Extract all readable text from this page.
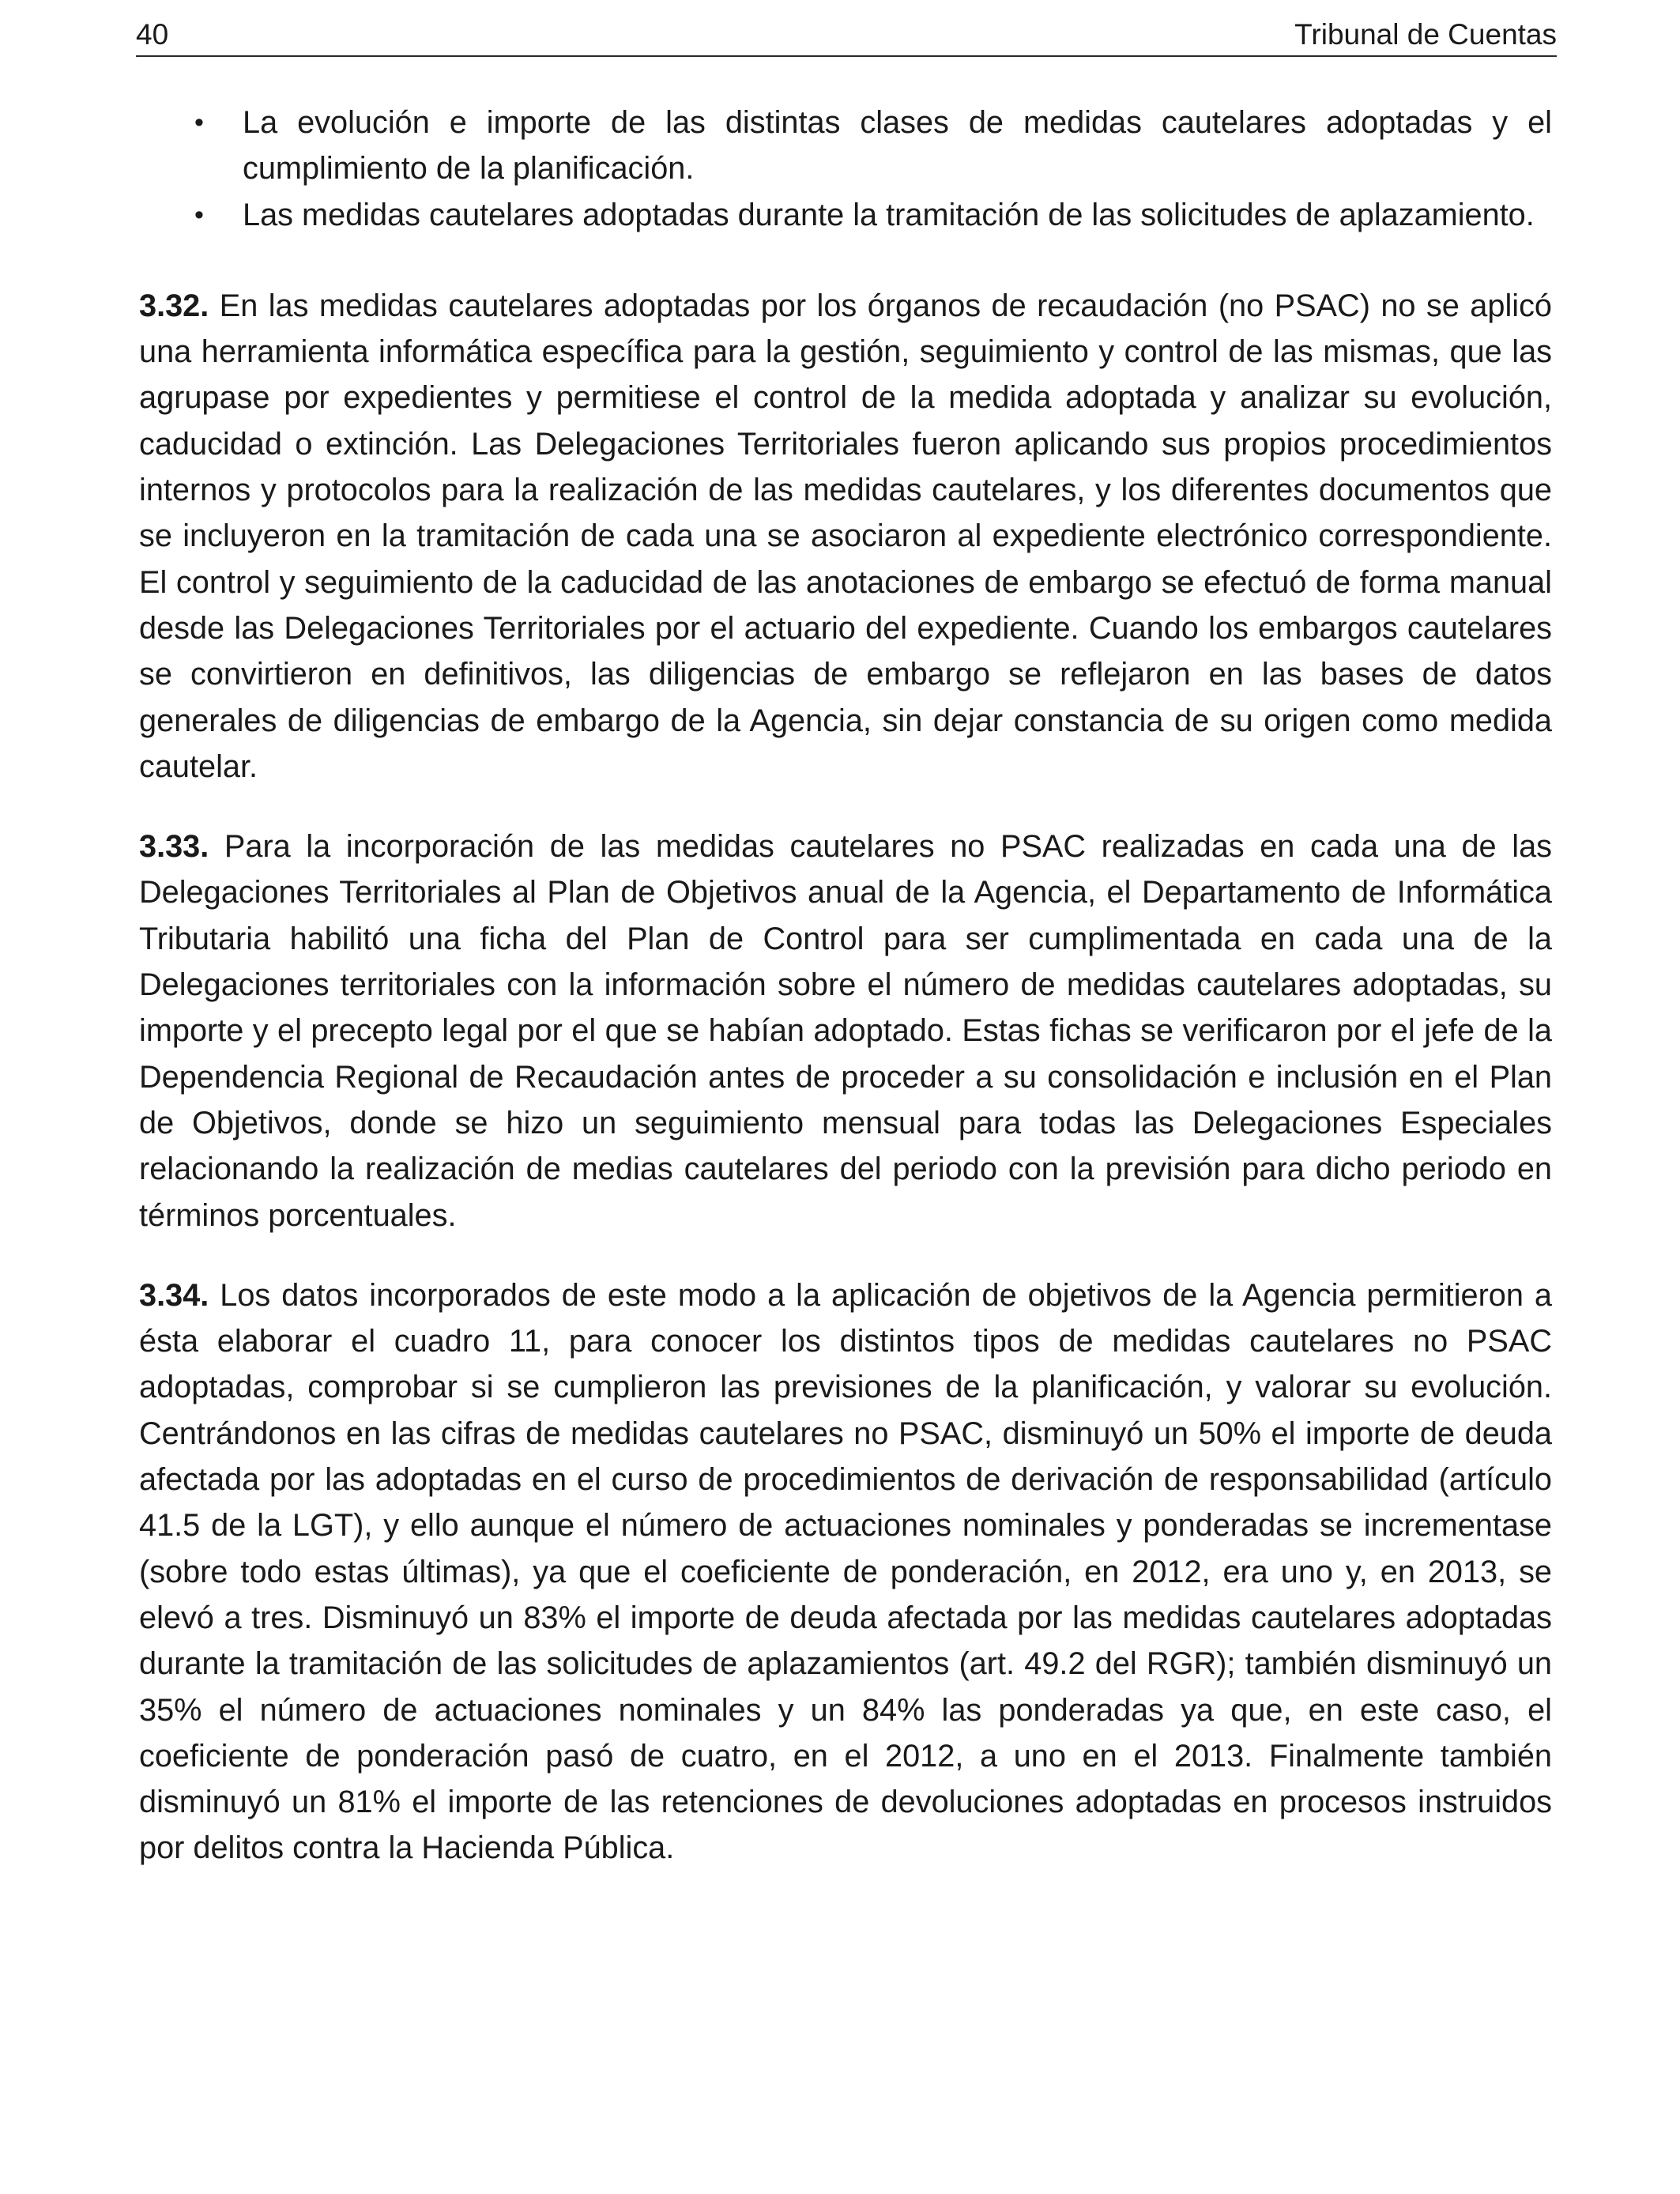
40	Tribunal de Cuentas
• La evolución e importe de las distintas clases de medidas cautelares adoptadas y el cumplimiento de la planificación.
• Las medidas cautelares adoptadas durante la tramitación de las solicitudes de aplazamiento.

3.32. En las medidas cautelares adoptadas por los órganos de recaudación (no PSAC) no se aplicó una herramienta informática específica para la gestión, seguimiento y control de las mismas, que las agrupase por expedientes y permitiese el control de la medida adoptada y analizar su evolución, caducidad o extinción. Las Delegaciones Territoriales fueron aplicando sus propios procedimientos internos y protocolos para la realización de las medidas cautelares, y los diferentes documentos que se incluyeron en la tramitación de cada una se asociaron al expediente electrónico correspondiente. El control y seguimiento de la caducidad de las anotaciones de embargo se efectuó de forma manual desde las Delegaciones Territoriales por el actuario del expediente. Cuando los embargos cautelares se convirtieron en definitivos, las diligencias de embargo se reflejaron en las bases de datos generales de diligencias de embargo de la Agencia, sin dejar constancia de su origen como medida cautelar.

3.33. Para la incorporación de las medidas cautelares no PSAC realizadas en cada una de las Delegaciones Territoriales al Plan de Objetivos anual de la Agencia, el Departamento de Informática Tributaria habilitó una ficha del Plan de Control para ser cumplimentada en cada una de la Delegaciones territoriales con la información sobre el número de medidas cautelares adoptadas, su importe y el precepto legal por el que se habían adoptado. Estas fichas se verificaron por el jefe de la Dependencia Regional de Recaudación antes de proceder a su consolidación e inclusión en el Plan de Objetivos, donde se hizo un seguimiento mensual para todas las Delegaciones Especiales relacionando la realización de medias cautelares del periodo con la previsión para dicho periodo en términos porcentuales.

3.34. Los datos incorporados de este modo a la aplicación de objetivos de la Agencia permitieron a ésta elaborar el cuadro 11, para conocer los distintos tipos de medidas cautelares no PSAC adoptadas, comprobar si se cumplieron las previsiones de la planificación, y valorar su evolución. Centrándonos en las cifras de medidas cautelares no PSAC, disminuyó un 50% el importe de deuda afectada por las adoptadas en el curso de procedimientos de derivación de responsabilidad (artículo 41.5 de la LGT), y ello aunque el número de actuaciones nominales y ponderadas se incrementase (sobre todo estas últimas), ya que el coeficiente de ponderación, en 2012, era uno y, en 2013, se elevó a tres. Disminuyó un 83% el importe de deuda afectada por las medidas cautelares adoptadas durante la tramitación de las solicitudes de aplazamientos (art. 49.2 del RGR); también disminuyó un 35% el número de actuaciones nominales y un 84% las ponderadas ya que, en este caso, el coeficiente de ponderación pasó de cuatro, en el 2012, a uno en el 2013. Finalmente también disminuyó un 81% el importe de las retenciones de devoluciones adoptadas en procesos instruidos por delitos contra la Hacienda Pública.
